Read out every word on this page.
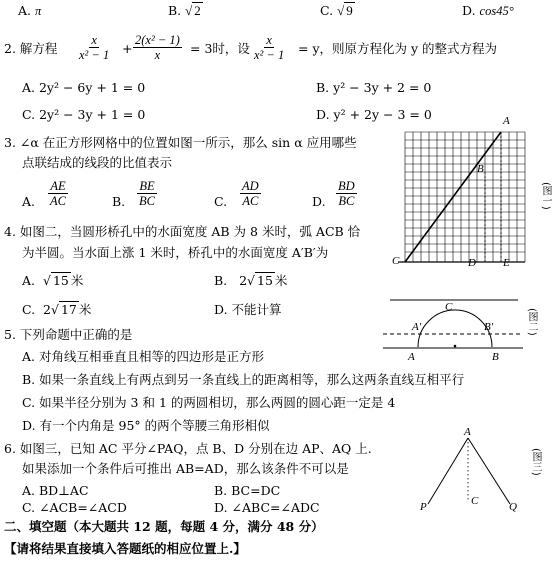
A. π	B. √ 2	C. √ 9	D. cos45°
2. 解方程 $\frac{x}{\text{x² − 1}} + \frac{\text{2(x² − 1)}}{x} = 3$时，设 $\frac{x}{\text{x² − 1}} = y$，则原方程化为 y 的整式方程为
A. 2y² − 6y + 1 = 0	B. y² − 3y + 2 = 0
C. 2y² − 3y + 1 = 0	D. y² + 2y − 3 = 0
3. ∠α 在正方形网格中的位置如图一所示，那么 sin α 应用哪些
点联结成的线段的比值表示
A. $\frac{AE}{AC}$	B. $\frac{BE}{BC}$	C. $\frac{AD}{AC}$	D. $\frac{BD}{BC}$
4. 如图二，当圆形桥孔中的水面宽度 AB 为 8 米时，弧 ACB 恰
为半圆。当水面上涨 1 米时，桥孔中的水面宽度 A′B′为
A.  √ 15 米	B. 2√ 15 米
C. 2√ 17 米	D. 不能计算
5. 下列命题中正确的是
A. 对角线互相垂直且相等的四边形是正方形
B. 如果一条直线上有两点到另一条直线上的距离相等，那么这两条直线互相平行
C. 如果半径分别为 3 和 1 的两圆相切，那么两圆的圆心距一定是 4
D. 有一个内角是 95° 的两个等腰三角形相似
6. 如图三，已知 AC 平分∠PAQ，点 B、D 分别在边 AP、AQ 上.
如果添加一个条件后可推出 AB=AD，那么该条件不可以是
A. BD⊥AC	B. BC=DC
C. ∠ACB=∠ACD	D. ∠ABC=∠ADC
二、填空题（本大题共 12 题，每题 4 分，满分 48 分）
【请将结果直接填入答题纸的相应位置上.】
A
B
C	D E
(图一)
C
A′	B′
A	B
(图二)
A
P	C	Q
(图三)
